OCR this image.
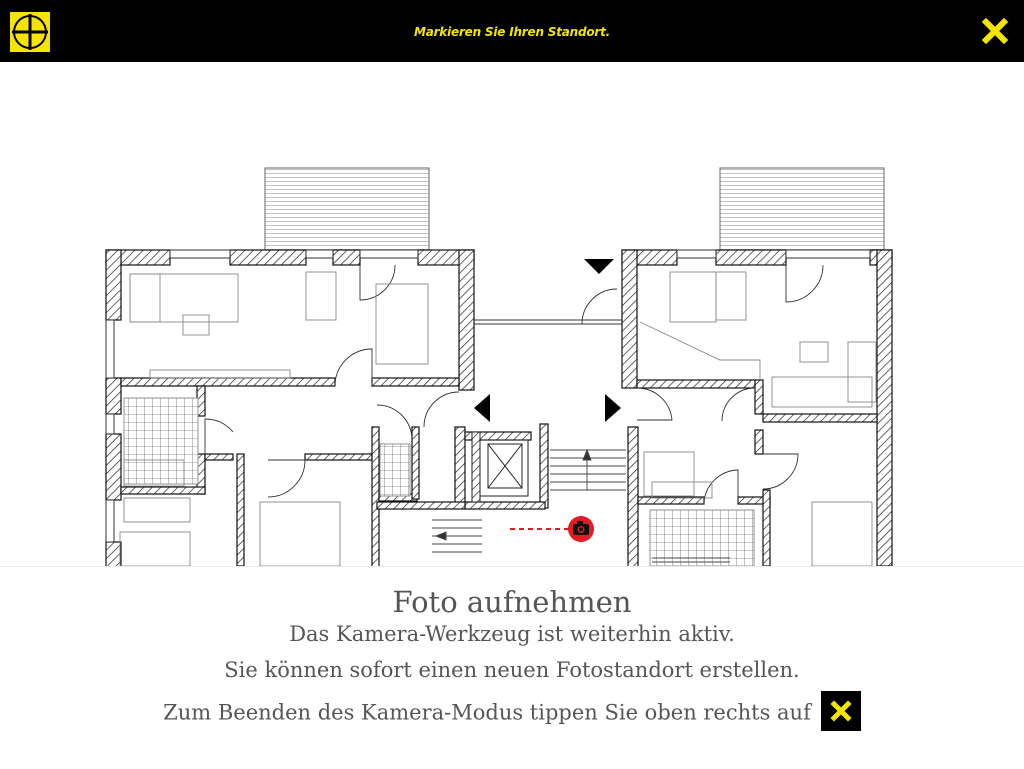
Markieren Sie Ihren Standort.
Foto aufnehmen
Das Kamera-Werkzeug ist weiterhin aktiv.
Sie können sofort einen neuen Fotostandort erstellen.
Zum Beenden des Kamera-Modus tippen Sie oben rechts auf
